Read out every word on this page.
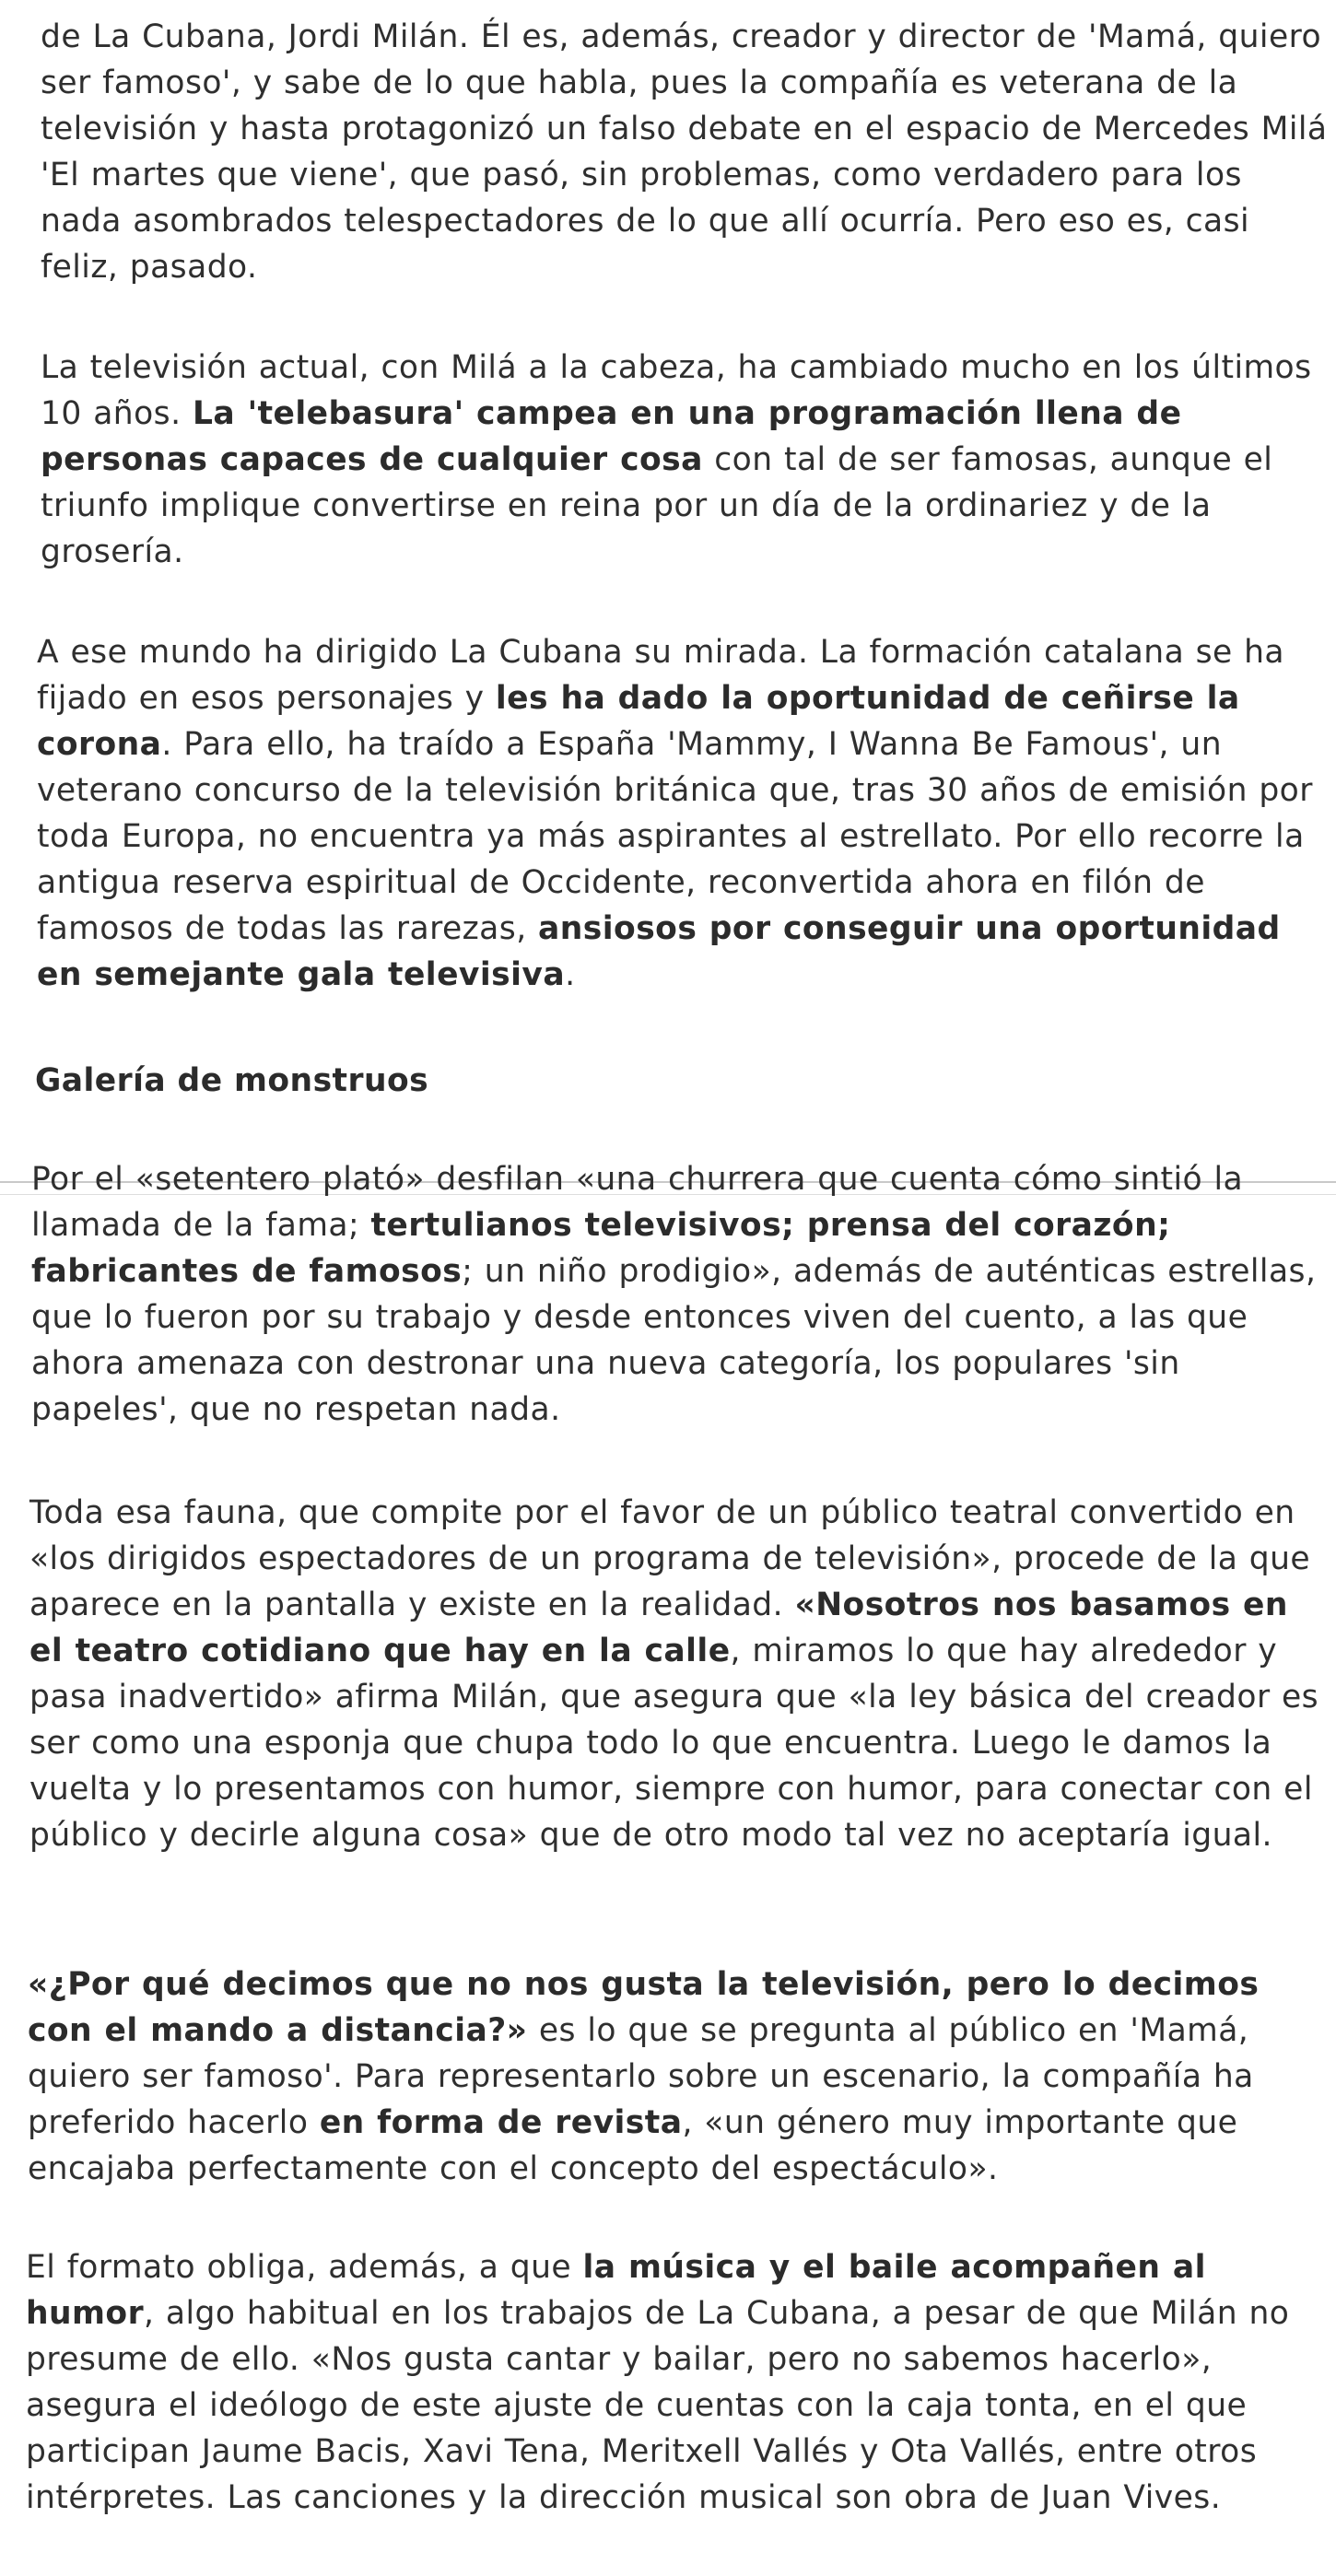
de La Cubana, Jordi Milán. Él es, además, creador y director de 'Mamá, quiero ser famoso', y sabe de lo que habla, pues la compañía es veterana de la televisión y hasta protagonizó un falso debate en el espacio de Mercedes Milá 'El martes que viene', que pasó, sin problemas, como verdadero para los nada asombrados telespectadores de lo que allí ocurría. Pero eso es, casi feliz, pasado.

La televisión actual, con Milá a la cabeza, ha cambiado mucho en los últimos 10 años. La 'telebasura' campea en una programación llena de personas capaces de cualquier cosa con tal de ser famosas, aunque el triunfo implique convertirse en reina por un día de la ordinariez y de la grosería.

A ese mundo ha dirigido La Cubana su mirada. La formación catalana se ha fijado en esos personajes y les ha dado la oportunidad de ceñirse la corona. Para ello, ha traído a España 'Mammy, I Wanna Be Famous', un veterano concurso de la televisión británica que, tras 30 años de emisión por toda Europa, no encuentra ya más aspirantes al estrellato. Por ello recorre la antigua reserva espiritual de Occidente, reconvertida ahora en filón de famosos de todas las rarezas, ansiosos por conseguir una oportunidad en semejante gala televisiva.

Galería de monstruos

Por el «setentero plató» desfilan «una churrera que cuenta cómo sintió la llamada de la fama; tertulianos televisivos; prensa del corazón; fabricantes de famosos; un niño prodigio», además de auténticas estrellas, que lo fueron por su trabajo y desde entonces viven del cuento, a las que ahora amenaza con destronar una nueva categoría, los populares 'sin papeles', que no respetan nada.

Toda esa fauna, que compite por el favor de un público teatral convertido en «los dirigidos espectadores de un programa de televisión», procede de la que aparece en la pantalla y existe en la realidad. «Nosotros nos basamos en el teatro cotidiano que hay en la calle, miramos lo que hay alrededor y pasa inadvertido» afirma Milán, que asegura que «la ley básica del creador es ser como una esponja que chupa todo lo que encuentra. Luego le damos la vuelta y lo presentamos con humor, siempre con humor, para conectar con el público y decirle alguna cosa» que de otro modo tal vez no aceptaría igual.

«¿Por qué decimos que no nos gusta la televisión, pero lo decimos con el mando a distancia?» es lo que se pregunta al público en 'Mamá, quiero ser famoso'. Para representarlo sobre un escenario, la compañía ha preferido hacerlo en forma de revista, «un género muy importante que encajaba perfectamente con el concepto del espectáculo».

El formato obliga, además, a que la música y el baile acompañen al humor, algo habitual en los trabajos de La Cubana, a pesar de que Milán no presume de ello. «Nos gusta cantar y bailar, pero no sabemos hacerlo», asegura el ideólogo de este ajuste de cuentas con la caja tonta, en el que participan Jaume Bacis, Xavi Tena, Meritxell Vallés y Ota Vallés, entre otros intérpretes. Las canciones y la dirección musical son obra de Juan Vives.
